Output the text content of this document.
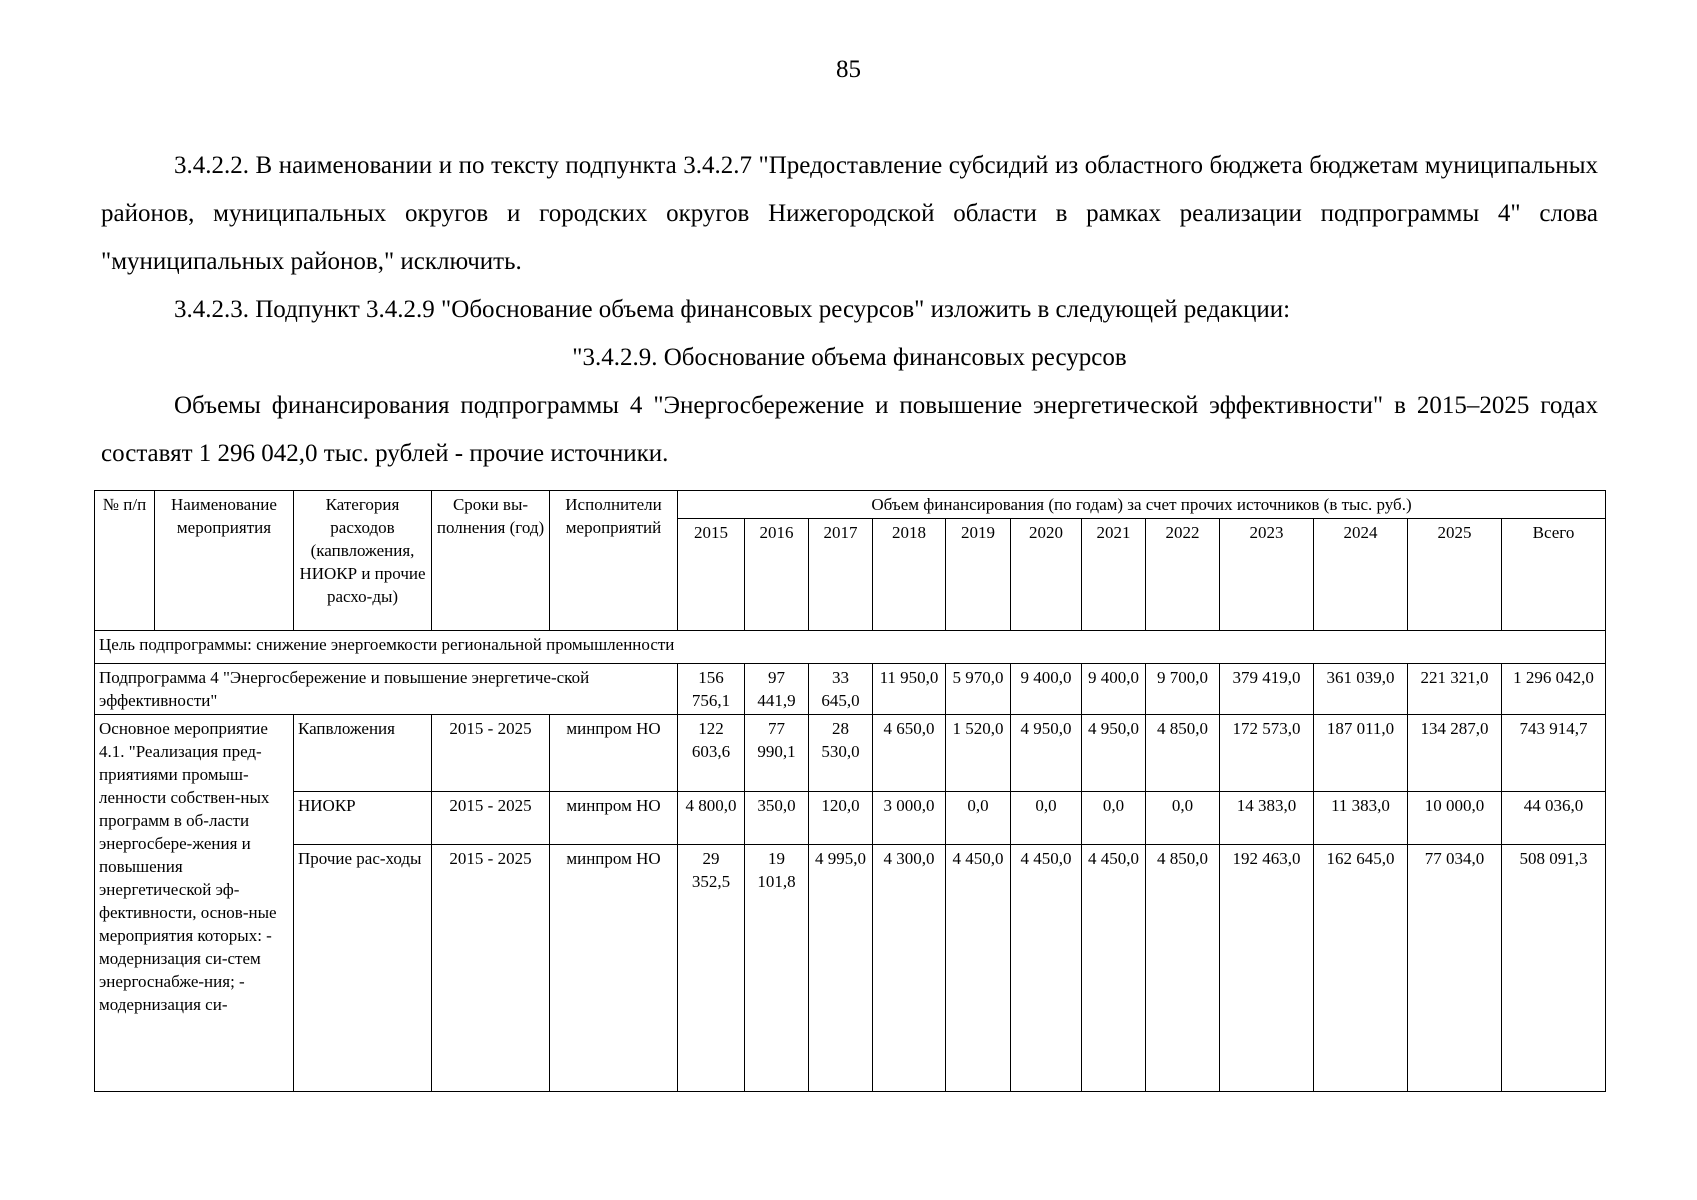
85

3.4.2.2. В наименовании и по тексту подпункта 3.4.2.7 "Предоставление субсидий из областного бюджета бюджетам муниципальных районов, муниципальных округов и городских округов Нижегородской области в рамках реализации подпрограммы 4" слова "муниципальных районов," исключить.

3.4.2.3. Подпункт 3.4.2.9 "Обоснование объема финансовых ресурсов" изложить в следующей редакции:

"3.4.2.9. Обоснование объема финансовых ресурсов

Объемы финансирования подпрограммы 4 "Энергосбережение и повышение энергетической эффективности" в 2015–2025 годах составят 1 296 042,0 тыс. рублей - прочие источники.

№ п/п	Наименование мероприятия	Категория расходов (капвложения, НИОКР и прочие расхо-ды)	Сроки вы-полнения (год)	Исполнители мероприятий	Объем финансирования (по годам) за счет прочих источников (в тыс. руб.)											
					2015	2016	2017	2018	2019	2020	2021	2022	2023	2024	2025	Всего
Цель подпрограммы: снижение энергоемкости региональной промышленности																
Подпрограмма 4 "Энергосбережение и повышение энергетиче-ской эффективности"					156 756,1	97 441,9	33 645,0	11 950,0	5 970,0	9 400,0	9 400,0	9 700,0	379 419,0	361 039,0	221 321,0	1 296 042,0
Основное мероприятие 4.1. "Реализация пред-приятиями промыш-ленности собствен-ных программ в об-ласти энергосбере-жения и повышения энергетической эф-фективности, основ-ные мероприятия которых: - модернизация си-стем энергоснабже-ния; - модернизация си-		Капвложения	2015 - 2025	минпром НО	122 603,6	77 990,1	28 530,0	4 650,0	1 520,0	4 950,0	4 950,0	4 850,0	172 573,0	187 011,0	134 287,0	743 914,7
		НИОКР	2015 - 2025	минпром НО	4 800,0	350,0	120,0	3 000,0	0,0	0,0	0,0	0,0	14 383,0	11 383,0	10 000,0	44 036,0
		Прочие рас-ходы	2015 - 2025	минпром НО	29 352,5	19 101,8	4 995,0	4 300,0	4 450,0	4 450,0	4 450,0	4 850,0	192 463,0	162 645,0	77 034,0	508 091,3
